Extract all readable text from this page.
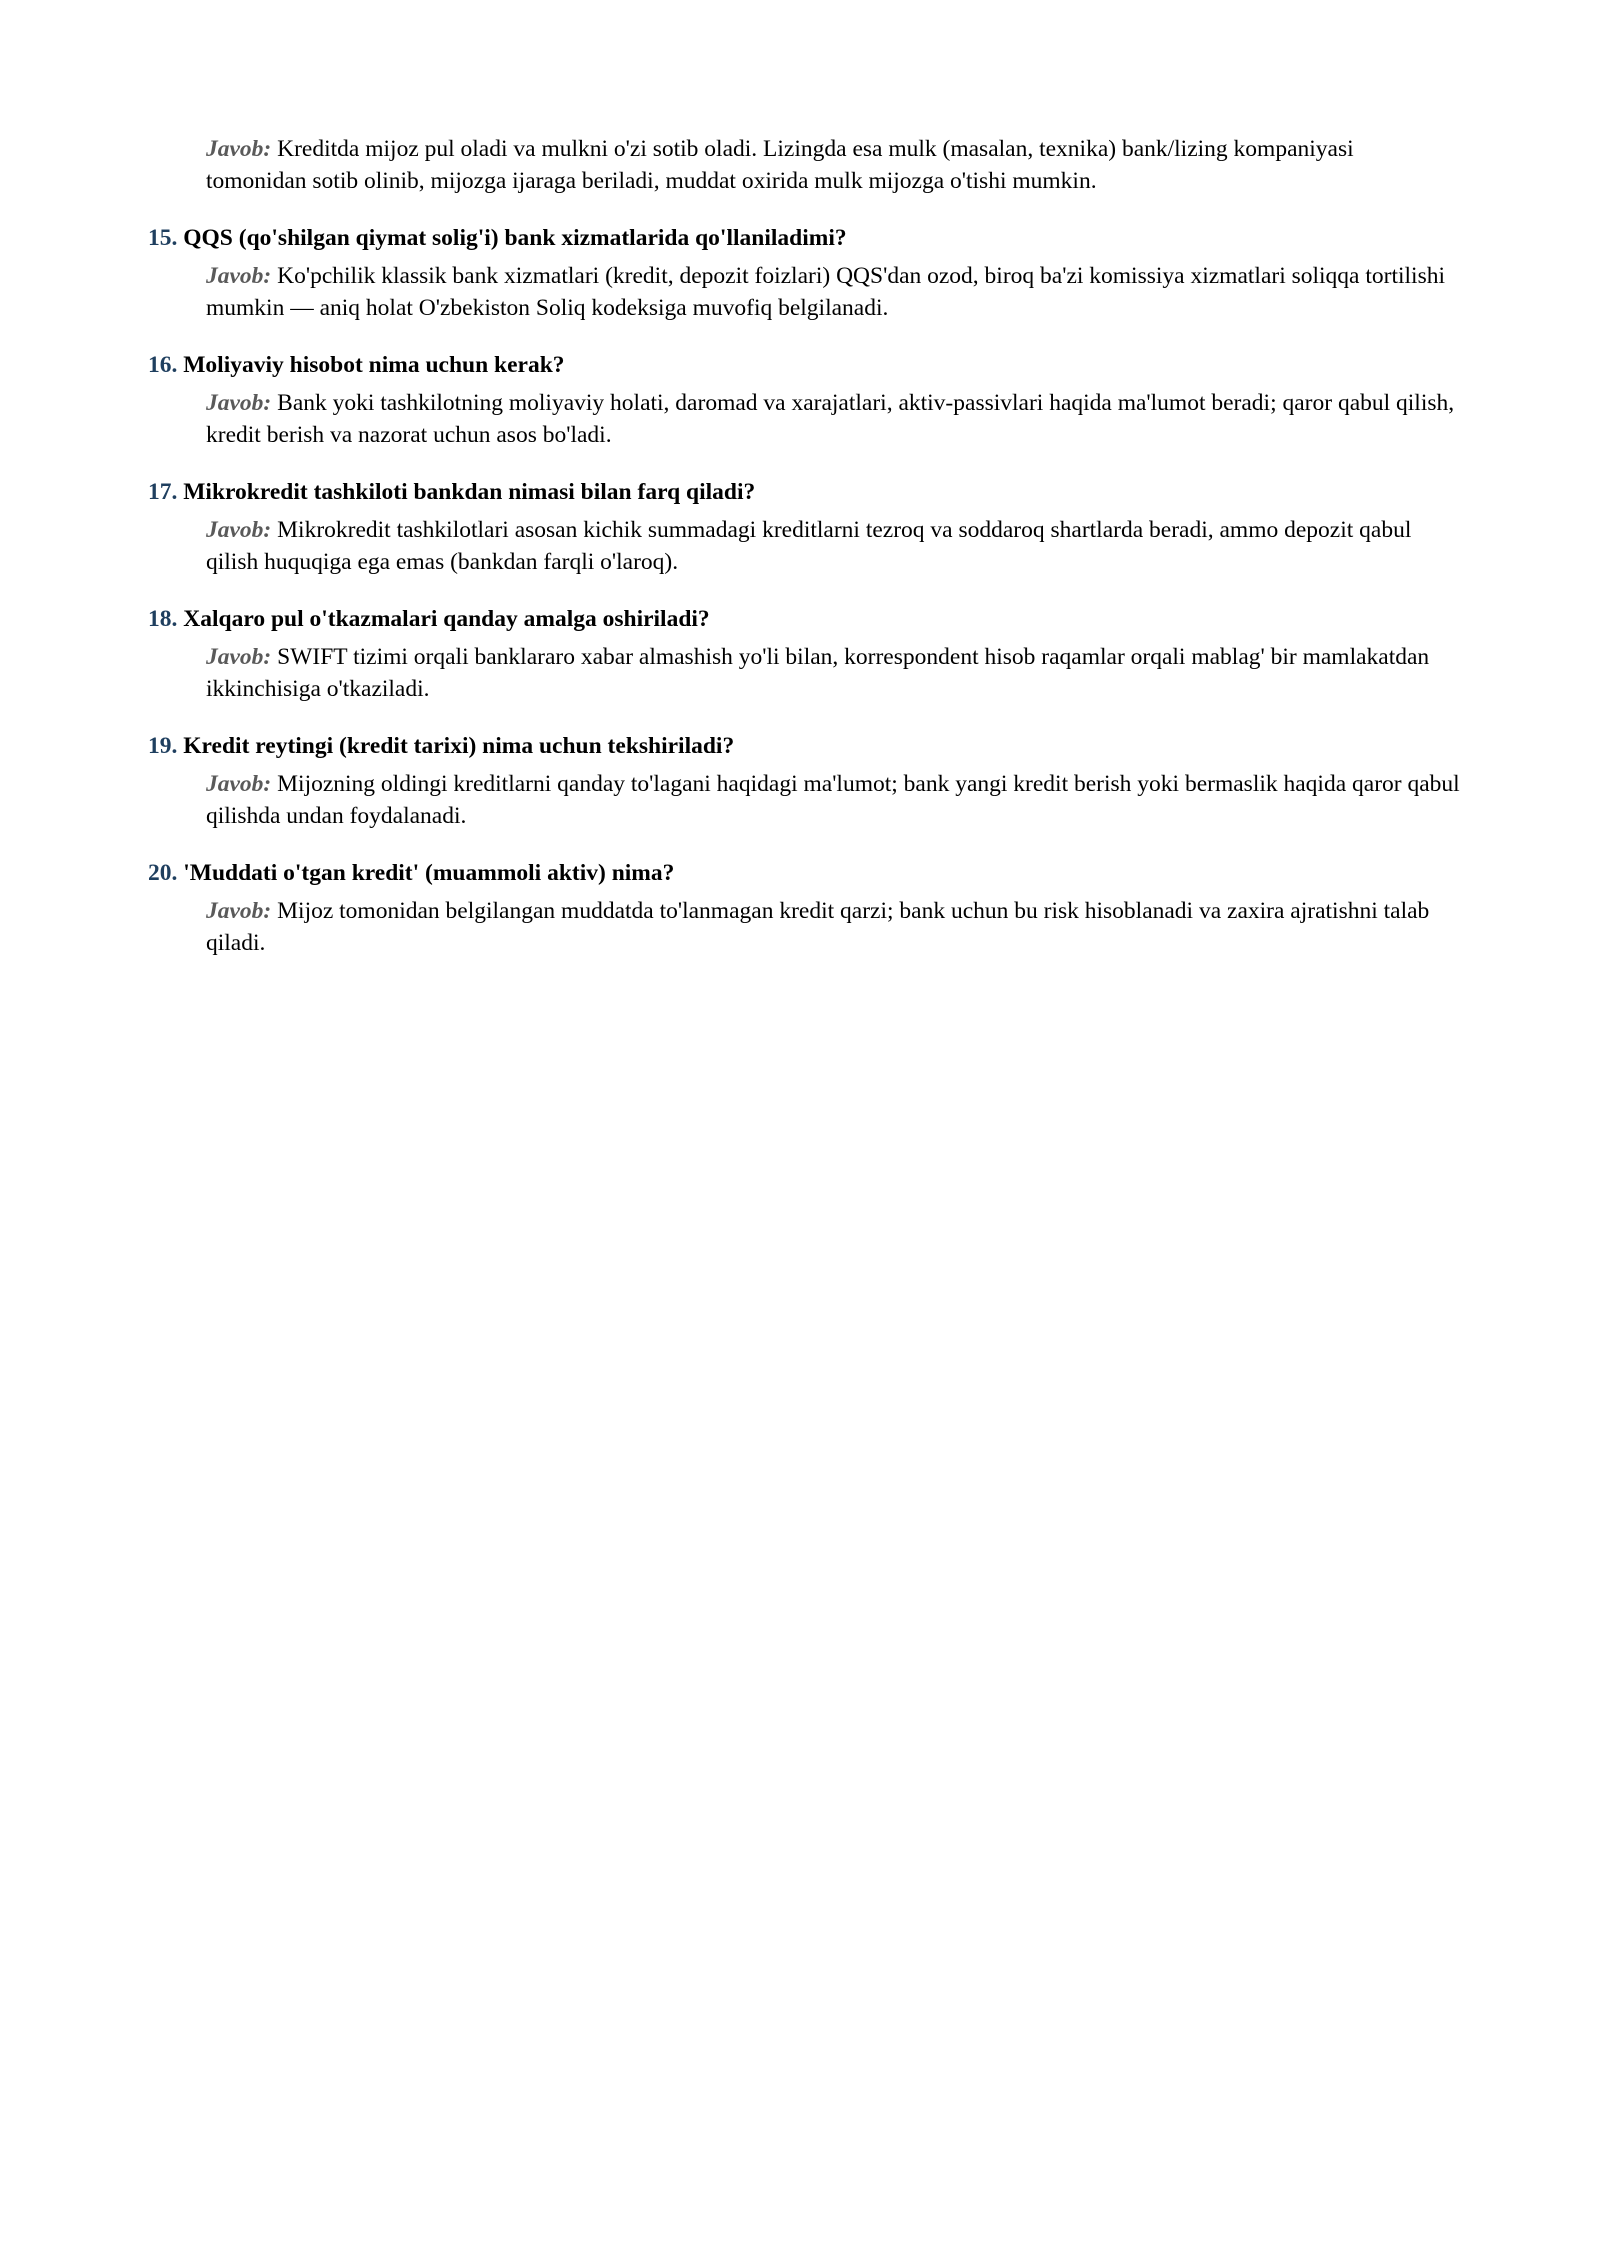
Javob: Kreditda mijoz pul oladi va mulkni o'zi sotib oladi. Lizingda esa mulk (masalan, texnika) bank/lizing kompaniyasi tomonidan sotib olinib, mijozga ijaraga beriladi, muddat oxirida mulk mijozga o'tishi mumkin.
15. QQS (qo'shilgan qiymat solig'i) bank xizmatlarida qo'llaniladimi?
Javob: Ko'pchilik klassik bank xizmatlari (kredit, depozit foizlari) QQS'dan ozod, biroq ba'zi komissiya xizmatlari soliqqa tortilishi mumkin — aniq holat O'zbekiston Soliq kodeksiga muvofiq belgilanadi.
16. Moliyaviy hisobot nima uchun kerak?
Javob: Bank yoki tashkilotning moliyaviy holati, daromad va xarajatlari, aktiv-passivlari haqida ma'lumot beradi; qaror qabul qilish, kredit berish va nazorat uchun asos bo'ladi.
17. Mikrokredit tashkiloti bankdan nimasi bilan farq qiladi?
Javob: Mikrokredit tashkilotlari asosan kichik summadagi kreditlarni tezroq va soddaroq shartlarda beradi, ammo depozit qabul qilish huquqiga ega emas (bankdan farqli o'laroq).
18. Xalqaro pul o'tkazmalari qanday amalga oshiriladi?
Javob: SWIFT tizimi orqali banklararo xabar almashish yo'li bilan, korrespondent hisob raqamlar orqali mablag' bir mamlakatdan ikkinchisiga o'tkaziladi.
19. Kredit reytingi (kredit tarixi) nima uchun tekshiriladi?
Javob: Mijozning oldingi kreditlarni qanday to'lagani haqidagi ma'lumot; bank yangi kredit berish yoki bermaslik haqida qaror qabul qilishda undan foydalanadi.
20. 'Muddati o'tgan kredit' (muammoli aktiv) nima?
Javob: Mijoz tomonidan belgilangan muddatda to'lanmagan kredit qarzi; bank uchun bu risk hisoblanadi va zaxira ajratishni talab qiladi.
